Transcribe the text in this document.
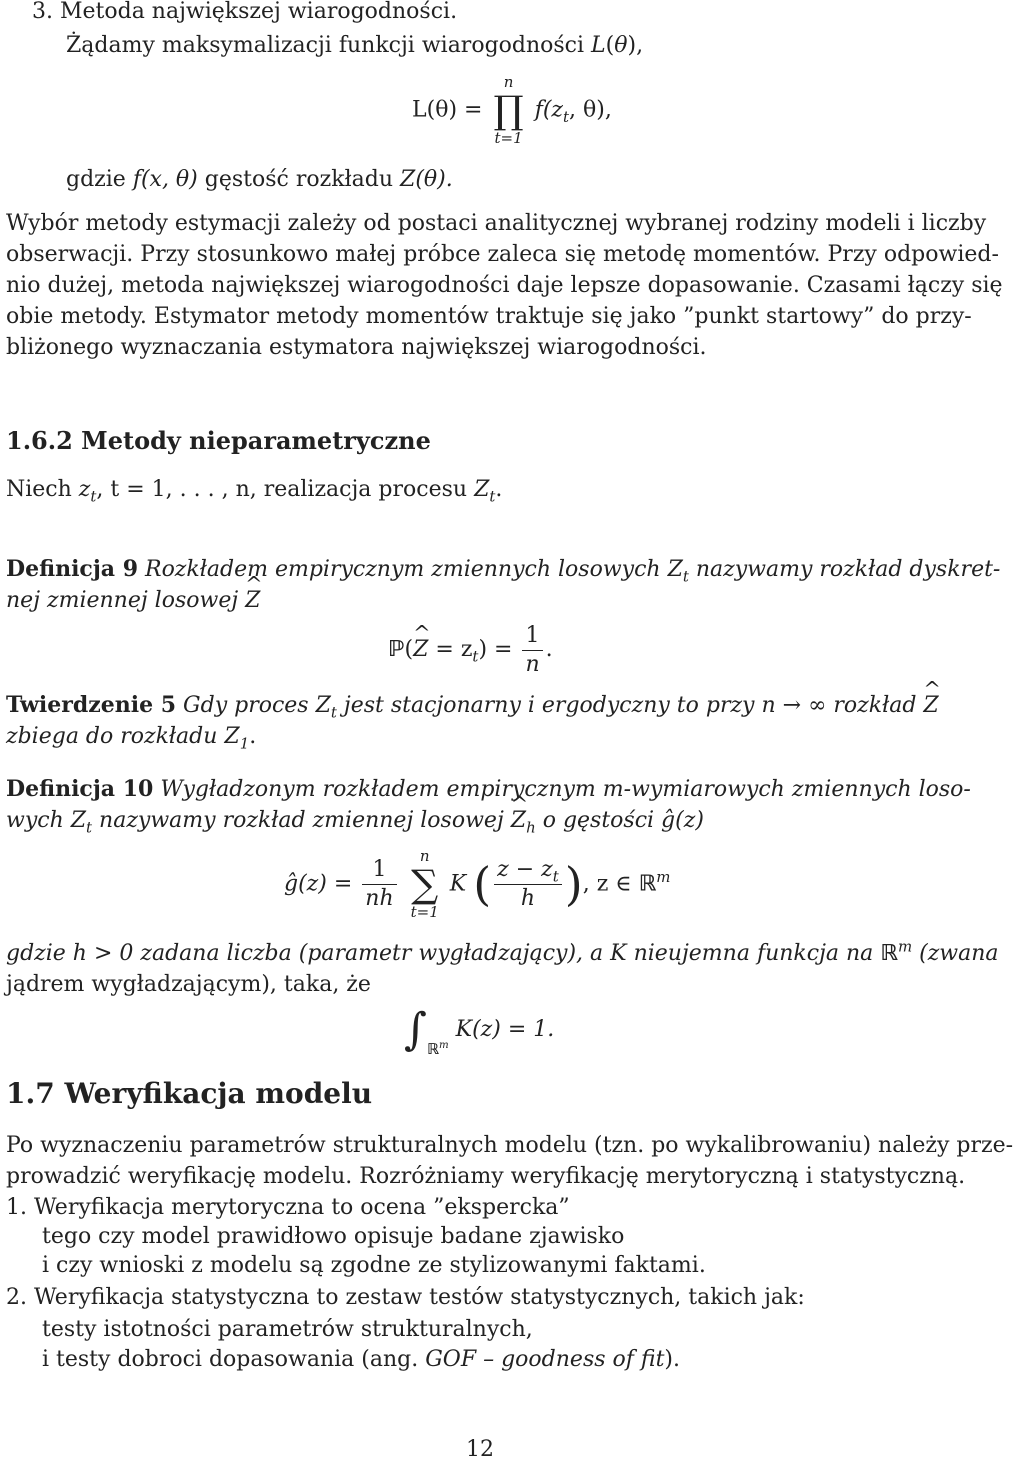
3. Metoda największej wiarogodności.
Żądamy maksymalizacji funkcji wiarogodności L(θ),
L(θ) =
n
∏
t=1
$f(z_t$, θ),
gdzie f(x, θ) gęstość rozkładu Z(θ).
Wybór metody estymacji zależy od postaci analitycznej wybranej rodziny modeli i liczby
obserwacji. Przy stosunkowo małej próbce zaleca się metodę momentów. Przy odpowied-
nio dużej, metoda największej wiarogodności daje lepsze dopasowanie. Czasami łączy się
obie metody. Estymator metody momentów traktuje się jako ”punkt startowy” do przy-
bliżonego wyznaczania estymatora największej wiarogodności.
1.6.2 Metody nieparametryczne
Niech $z_t$, t = 1, . . . , n, realizacja procesu $Z_t$.
Definicja 9 Rozkładem empirycznym zmiennych losowych $Z_t$ nazywamy rozkład dyskret-
nej zmiennej losowej ^ Z
ℙ(^ $Z = z_t) = \frac{1}{n}$ .
Twierdzenie 5 Gdy proces $Z_t$ jest stacjonarny i ergodyczny to przy n → ∞ rozkład ^ Z
zbiega do rozkładu $Z_1$.
Definicja 10 Wygładzonym rozkładem empirycznym m-wymiarowych zmiennych loso-
wych $Z_t$ nazywamy rozkład zmiennej losowej ^ $Z_h$ o gęstości ĝ(z)
ĝ(z) = $\frac{1}{nh}$

n
∑
t=1
K ( $\frac{z - z_t}{h}$ ), z ∈ ℝ$^m$
gdzie h > 0 zadana liczba (parametr wygładzający), a K nieujemna funkcja na ℝ$^m$ (zwana
jądrem wygładzającym), taka, że
$\int_{ℝ^m}$ K(z) = 1.
1.7 Weryfikacja modelu
Po wyznaczeniu parametrów strukturalnych modelu (tzn. po wykalibrowaniu) należy prze-
prowadzić weryfikację modelu. Rozróżniamy weryfikację merytoryczną i statystyczną.
1. Weryfikacja merytoryczna to ocena ”ekspercka”
tego czy model prawidłowo opisuje badane zjawisko
i czy wnioski z modelu są zgodne ze stylizowanymi faktami.
2. Weryfikacja statystyczna to zestaw testów statystycznych, takich jak:
testy istotności parametrów strukturalnych,
i testy dobroci dopasowania (ang. GOF – goodness of fit).
12
